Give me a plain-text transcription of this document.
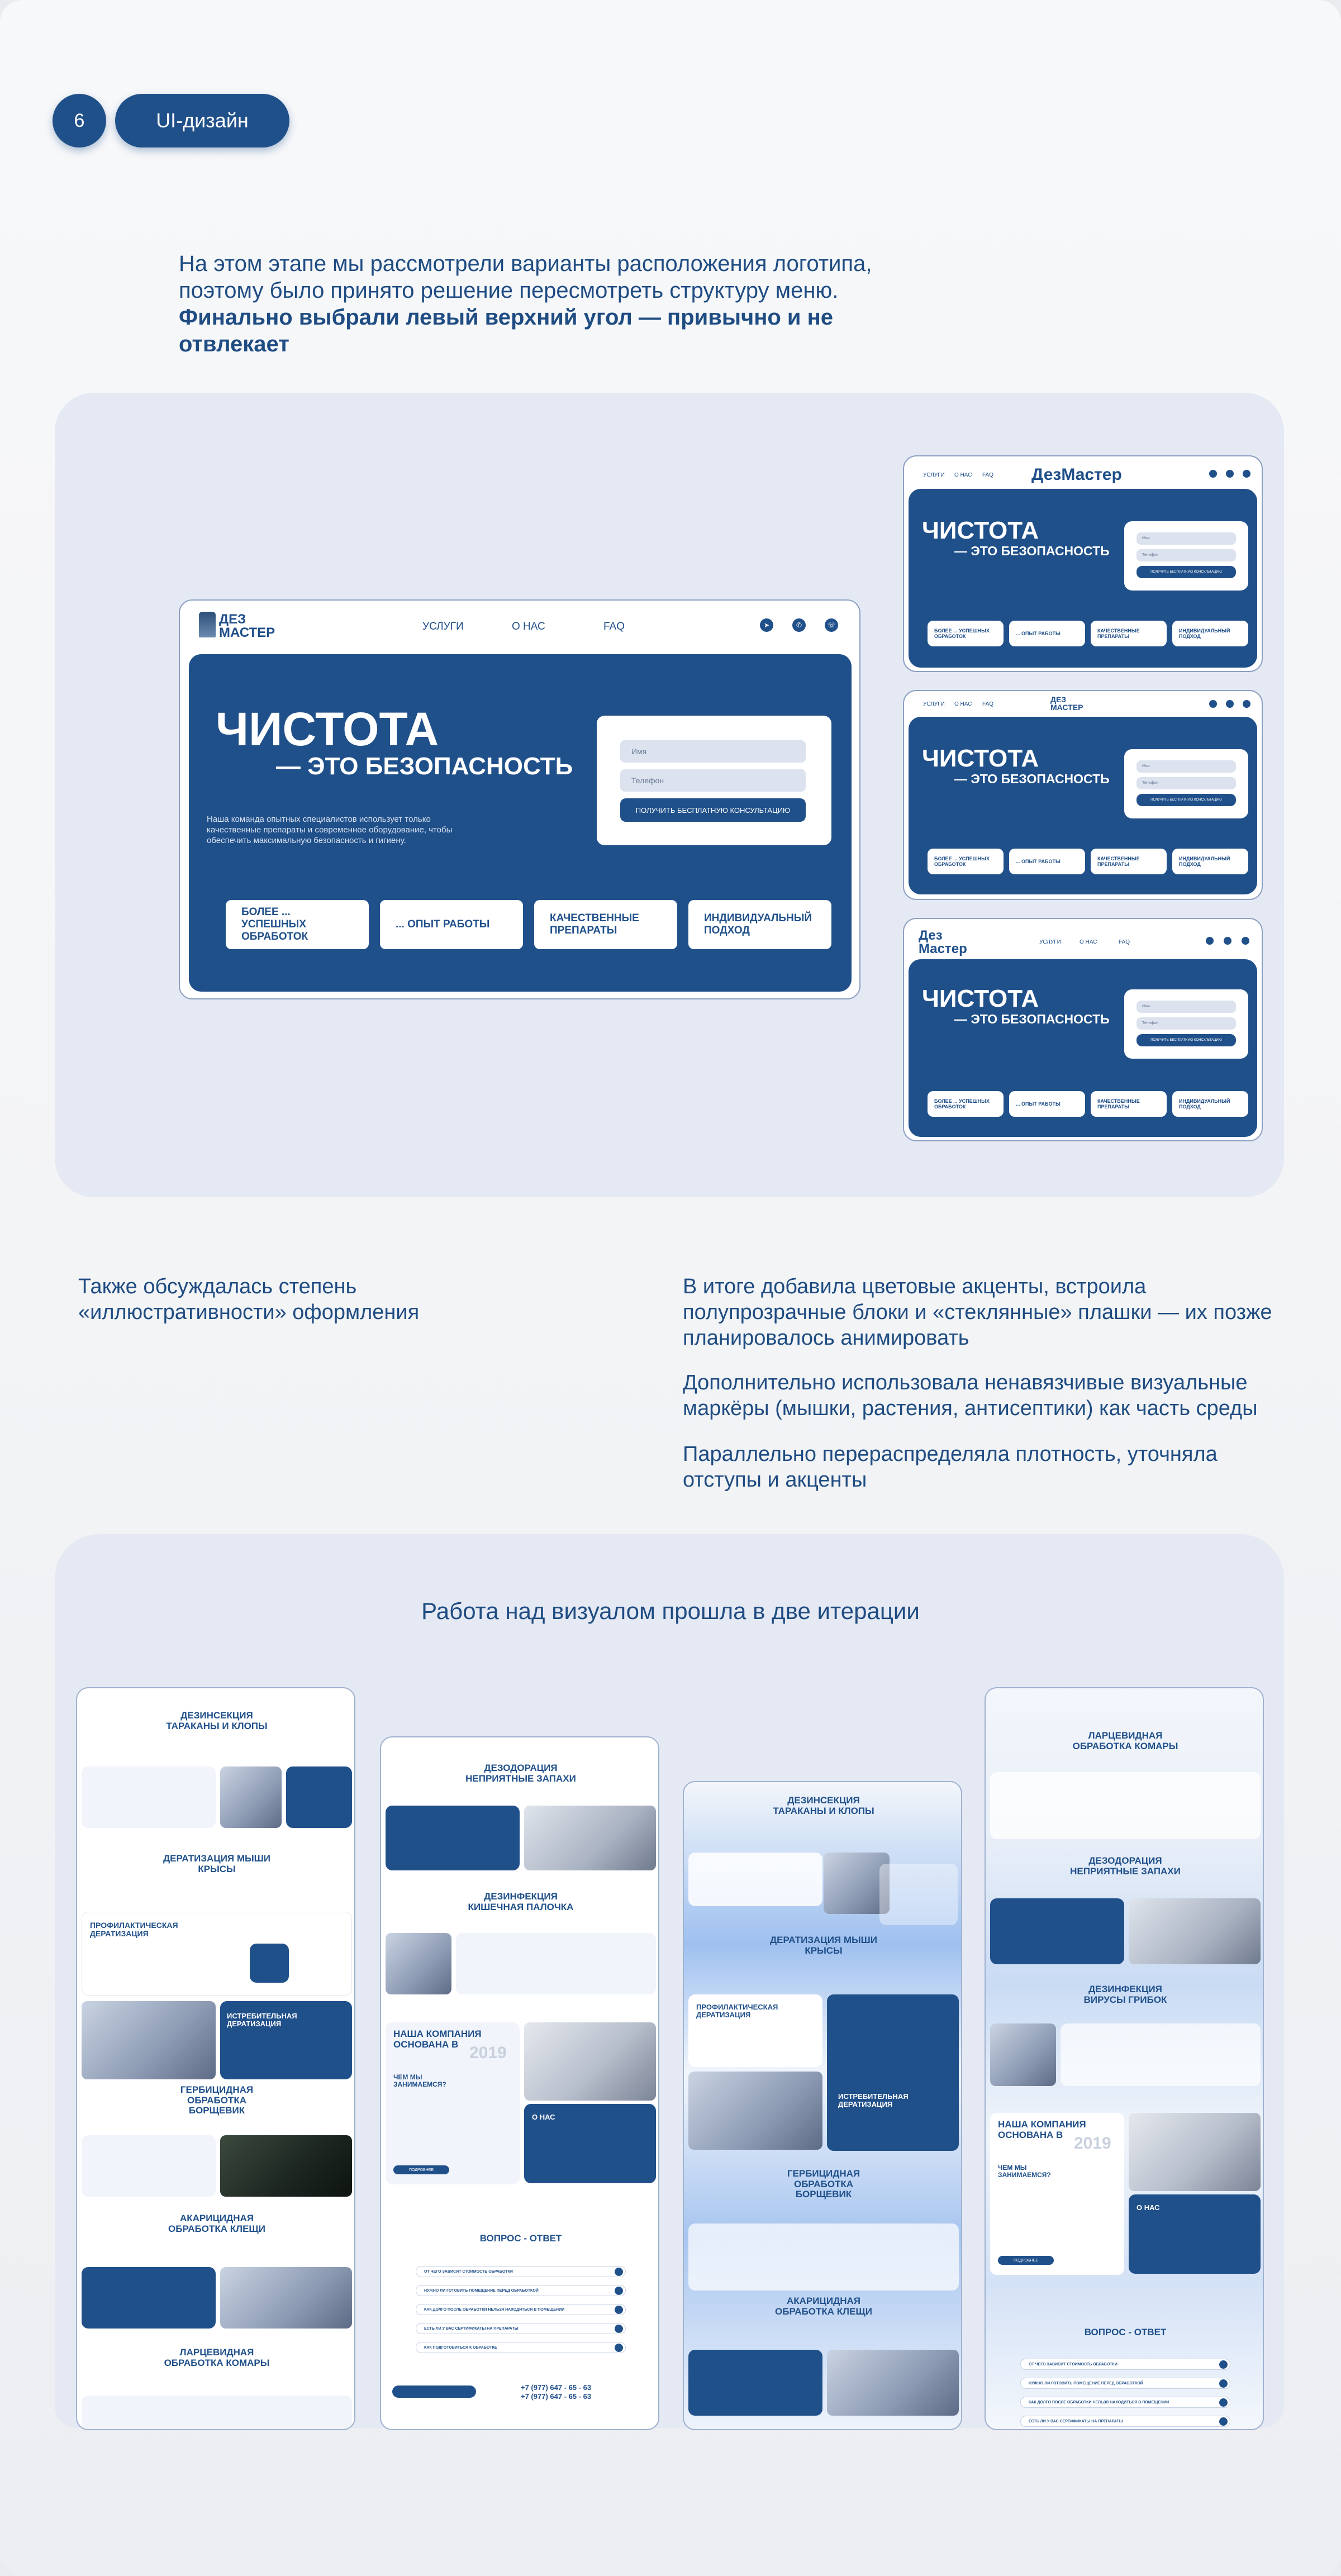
6	UI-дизайн
На этом этапе мы рассмотрели варианты расположения логотипа, поэтому было принято решение пересмотреть структуру меню. Финально выбрали левый верхний угол — привычно и не отвлекает
ДЕЗ
МАСТЕР	УСЛУГИ	О НАС	FAQ	➤	✆	☏
ЧИСТОТА
— ЭТО БЕЗОПАСНОСТЬ
Наша команда опытных специалистов использует только качественные препараты и современное оборудование, чтобы обеспечить максимальную безопасность и гигиену.
Имя
Телефон
ПОЛУЧИТЬ БЕСПЛАТНУЮ КОНСУЛЬТАЦИЮ
БОЛЕЕ ... УСПЕШНЫХ ОБРАБОТОК
... ОПЫТ РАБОТЫ
КАЧЕСТВЕННЫЕ ПРЕПАРАТЫ
ИНДИВИДУАЛЬНЫЙ ПОДХОД
УСЛУГИ О НАС FAQ ДезМастер
ЧИСТОТА
— ЭТО БЕЗОПАСНОСТЬ
Имя
Телефон
ПОЛУЧИТЬ БЕСПЛАТНУЮ КОНСУЛЬТАЦИЮ
БОЛЕЕ ... УСПЕШНЫХ ОБРАБОТОК	... ОПЫТ РАБОТЫ	КАЧЕСТВЕННЫЕ ПРЕПАРАТЫ
ИНДИВИДУАЛЬНЫЙ ПОДХОД
УСЛУГИ О НАС FAQ
ДЕЗ
МАСТЕР
ЧИСТОТА
— ЭТО БЕЗОПАСНОСТЬ
Имя
Телефон
ПОЛУЧИТЬ БЕСПЛАТНУЮ КОНСУЛЬТАЦИЮ
БОЛЕЕ ... УСПЕШНЫХ ОБРАБОТОК	... ОПЫТ РАБОТЫ	КАЧЕСТВЕННЫЕ ПРЕПАРАТЫ
ИНДИВИДУАЛЬНЫЙ ПОДХОД
Дез
Мастер	УСЛУГИ	О НАС	FAQ
ЧИСТОТА
— ЭТО БЕЗОПАСНОСТЬ
Имя
Телефон
ПОЛУЧИТЬ БЕСПЛАТНУЮ КОНСУЛЬТАЦИЮ
БОЛЕЕ ... УСПЕШНЫХ ОБРАБОТОК	... ОПЫТ РАБОТЫ	КАЧЕСТВЕННЫЕ ПРЕПАРАТЫ
ИНДИВИДУАЛЬНЫЙ ПОДХОД
Также обсуждалась степень «иллюстративности» оформления
В итоге добавила цветовые акценты, встроила полупрозрачные блоки и «стеклянные» плашки — их позже планировалось анимировать
Дополнительно использовала ненавязчивые визуальные маркёры (мышки, растения, антисептики) как часть среды
Параллельно перераспределяла плотность, уточняла отступы и акценты
Работа над визуалом прошла в две итерации
ДЕЗИНСЕКЦИЯ ТАРАКАНЫ И КЛОПЫ
ДЕРАТИЗАЦИЯ МЫШИ КРЫСЫ
ПРОФИЛАКТИЧЕСКАЯ ДЕРАТИЗАЦИЯ
ИСТРЕБИТЕЛЬНАЯ ДЕРАТИЗАЦИЯ
ГЕРБИЦИДНАЯ ОБРАБОТКА БОРЩЕВИК
АКАРИЦИДНАЯ ОБРАБОТКА КЛЕЩИ
ЛАРЦЕВИДНАЯ ОБРАБОТКА КОМАРЫ
ДЕЗОДОРАЦИЯ НЕПРИЯТНЫЕ ЗАПАХИ
ДЕЗИНФЕКЦИЯ КИШЕЧНАЯ ПАЛОЧКА
НАША КОМПАНИЯ ОСНОВАНА В 2019
ЧЕМ МЫ ЗАНИМАЕМСЯ?
ПОДРОБНЕЕ
О НАС
ВОПРОС - ОТВЕТ
ОТ ЧЕГО ЗАВИСИТ СТОИМОСТЬ ОБРАБОТКИ
НУЖНО ЛИ ГОТОВИТЬ ПОМЕЩЕНИЕ ПЕРЕД ОБРАБОТКОЙ
КАК ДОЛГО ПОСЛЕ ОБРАБОТКИ НЕЛЬЗЯ НАХОДИТЬСЯ В ПОМЕЩЕНИИ
ЕСТЬ ЛИ У ВАС СЕРТИФИКАТЫ НА ПРЕПАРАТЫ
КАК ПОДГОТОВИТЬСЯ К ОБРАБОТКЕ
+7 (977) 647 - 65 - 63
+7 (977) 647 - 65 - 63
ДЕЗИНСЕКЦИЯ ТАРАКАНЫ И КЛОПЫ
ДЕРАТИЗАЦИЯ МЫШИ КРЫСЫ
ПРОФИЛАКТИЧЕСКАЯ ДЕРАТИЗАЦИЯ
ИСТРЕБИТЕЛЬНАЯ ДЕРАТИЗАЦИЯ
ГЕРБИЦИДНАЯ ОБРАБОТКА БОРЩЕВИК
АКАРИЦИДНАЯ ОБРАБОТКА КЛЕЩИ
ЛАРЦЕВИДНАЯ ОБРАБОТКА КОМАРЫ
ДЕЗОДОРАЦИЯ НЕПРИЯТНЫЕ ЗАПАХИ
ДЕЗИНФЕКЦИЯ ВИРУСЫ ГРИБОК
НАША КОМПАНИЯ ОСНОВАНА В 2019
ЧЕМ МЫ ЗАНИМАЕМСЯ?
ПОДРОБНЕЕ
О НАС
ВОПРОС - ОТВЕТ
ОТ ЧЕГО ЗАВИСИТ СТОИМОСТЬ ОБРАБОТКИ
НУЖНО ЛИ ГОТОВИТЬ ПОМЕЩЕНИЕ ПЕРЕД ОБРАБОТКОЙ
КАК ДОЛГО ПОСЛЕ ОБРАБОТКИ НЕЛЬЗЯ НАХОДИТЬСЯ В ПОМЕЩЕНИИ
ЕСТЬ ЛИ У ВАС СЕРТИФИКАТЫ НА ПРЕПАРАТЫ
